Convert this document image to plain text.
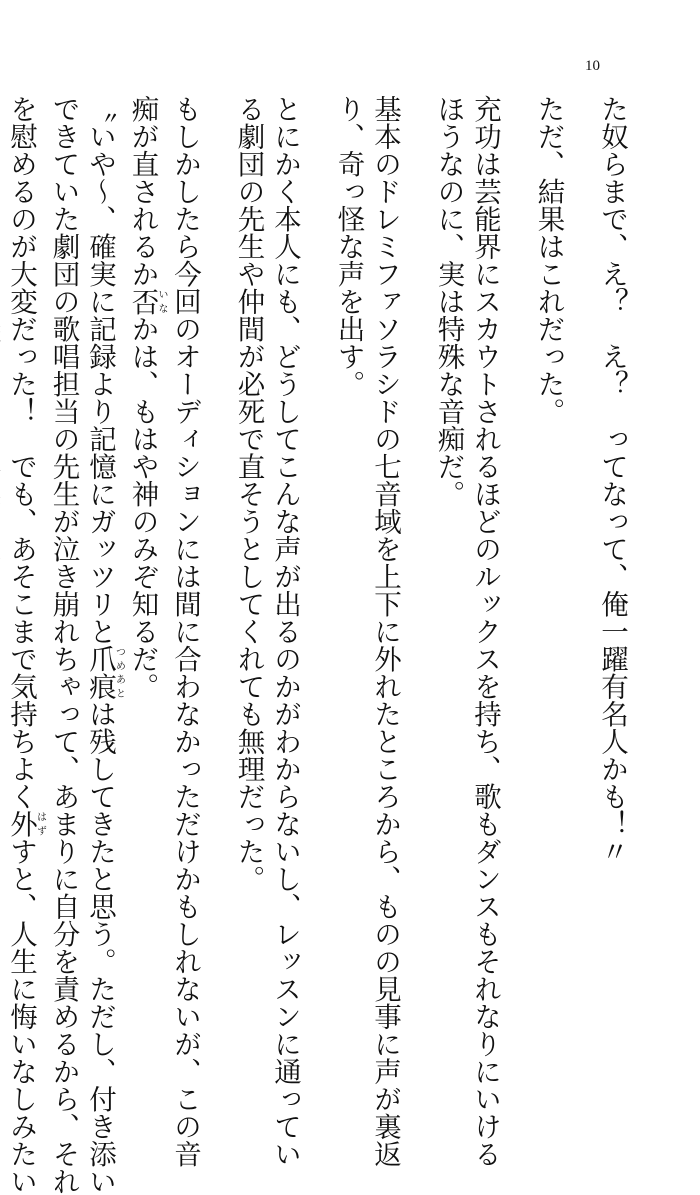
10

た奴らまで、え？　え？　ってなって、俺一躍有名人かも！〃

ただ、結果はこれだった。

充功は芸能界にスカウトされるほどのルックスを持ち、歌もダンスもそれなりにいける

ほうなのに、実は特殊な音痴だ。

基本のドレミファソラシドの七音域を上下に外れたところから、ものの見事に声が裏返

り、奇っ怪な声を出す。

とにかく本人にも、どうしてこんな声が出るのかがわからないし、レッスンに通ってい

る劇団の先生や仲間が必死で直そうとしてくれても無理だった。

もしかしたら今回のオーディションには間に合わなかっただけかもしれないが、この音

痴が直されるか否いなかは、もはや神のみぞ知るだ。

〝いや～、確実に記録より記憶にガッツリと爪痕つめあとは残してきたと思う。ただし、付き添い

できていた劇団の歌唱担当の先生が泣き崩れちゃって、あまりに自分を責めるから、それ

を慰めるのが大変だった！　でも、あそこまで気持ちよく外はずすと、人生に悔いなしみたい
